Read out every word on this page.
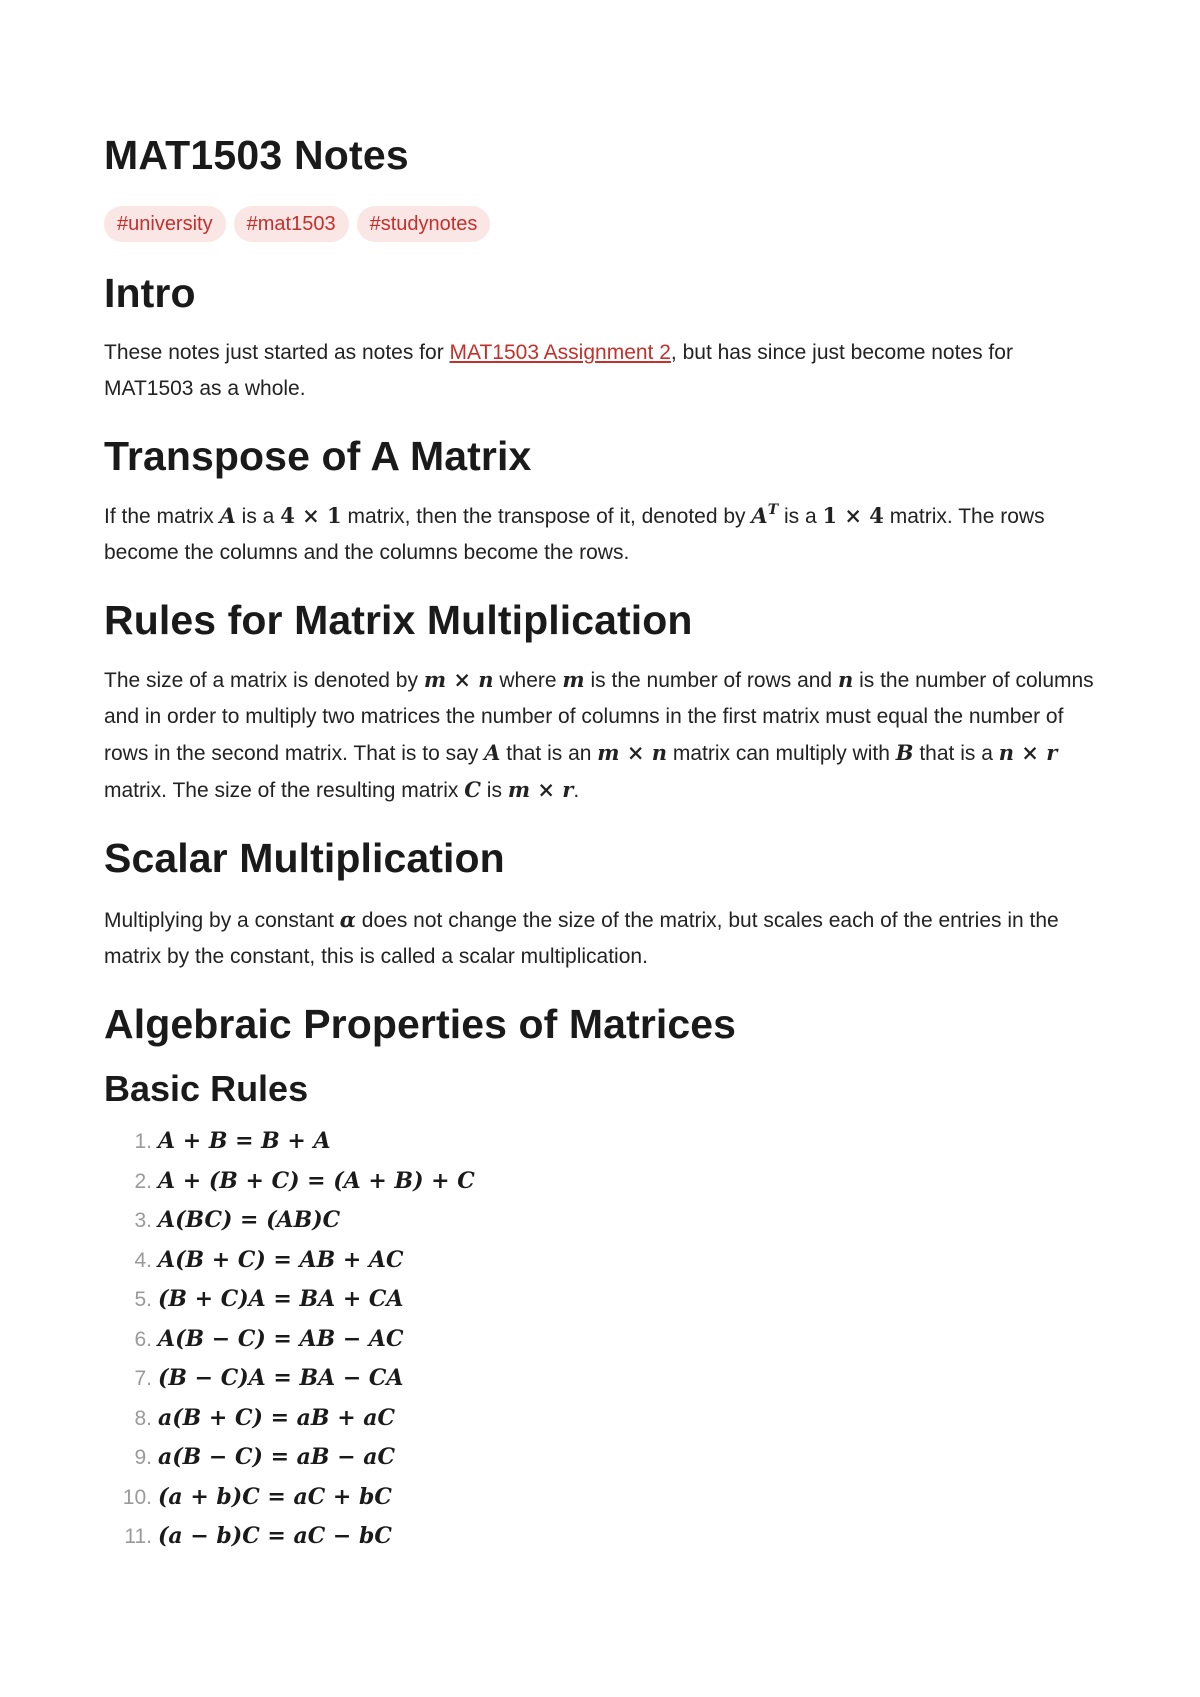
MAT1503 Notes
#university	#mat1503	#studynotes
Intro

These notes just started as notes for MAT1503 Assignment 2, but has since just become notes for MAT1503 as a whole.

Transpose of A Matrix

If the matrix A is a 4 × 1 matrix, then the transpose of it, denoted by $A^T$ is a 1 × 4 matrix. The rows become the columns and the columns become the rows.

Rules for Matrix Multiplication

The size of a matrix is denoted by m × n where m is the number of rows and n is the number of columns and in order to multiply two matrices the number of columns in the first matrix must equal the number of rows in the second matrix. That is to say A that is an m × n matrix can multiply with B that is a n × r matrix. The size of the resulting matrix C is m × r.

Scalar Multiplication

Multiplying by a constant α does not change the size of the matrix, but scales each of the entries in the matrix by the constant, this is called a scalar multiplication.

Algebraic Properties of Matrices
Basic Rules
1. A + B = B + A
2. A + (B + C) = (A + B) + C
3. A(BC) = (AB)C
4. A(B + C) = AB + AC
5. (B + C)A = BA + CA
6. A(B − C) = AB − AC
7. (B − C)A = BA − CA
8. a(B + C) = aB + aC
9. a(B − C) = aB − aC
10. (a + b)C = aC + bC
11. (a − b)C = aC − bC
